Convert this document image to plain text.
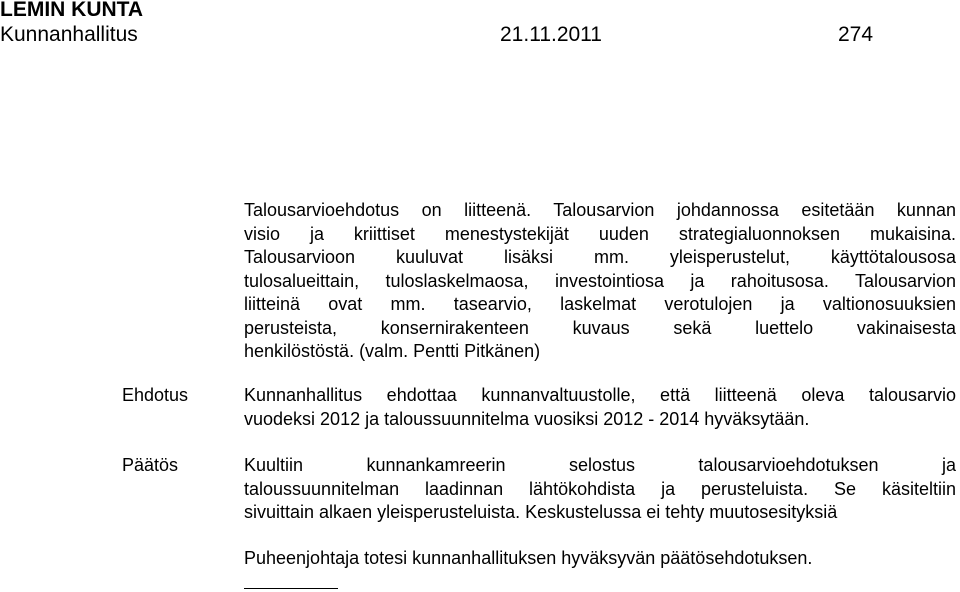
LEMIN KUNTA
Kunnanhallitus	21.11.2011	274
Talousarvioehdotus on liitteenä. Talousarvion johdannossa esitetään kunnan
visio ja kriittiset menestystekijät uuden strategialuonnoksen mukaisina.
Talousarvioon kuuluvat lisäksi mm. yleisperustelut, käyttötalousosa
tulosalueittain, tuloslaskelmaosa, investointiosa ja rahoitusosa. Talousarvion
liitteinä ovat mm. tasearvio, laskelmat verotulojen ja valtionosuuksien
perusteista, konsernirakenteen kuvaus sekä luettelo vakinaisesta
henkilöstöstä. (valm. Pentti Pitkänen)
Ehdotus	Kunnanhallitus ehdottaa kunnanvaltuustolle, että liitteenä oleva talousarvio
vuodeksi 2012 ja taloussuunnitelma vuosiksi 2012 - 2014 hyväksytään.
Päätös	Kuultiin kunnankamreerin selostus talousarvioehdotuksen ja
taloussuunnitelman laadinnan lähtökohdista ja perusteluista. Se käsiteltiin
sivuittain alkaen yleisperusteluista. Keskustelussa ei tehty muutosesityksiä
Puheenjohtaja totesi kunnanhallituksen hyväksyvän päätösehdotuksen.
